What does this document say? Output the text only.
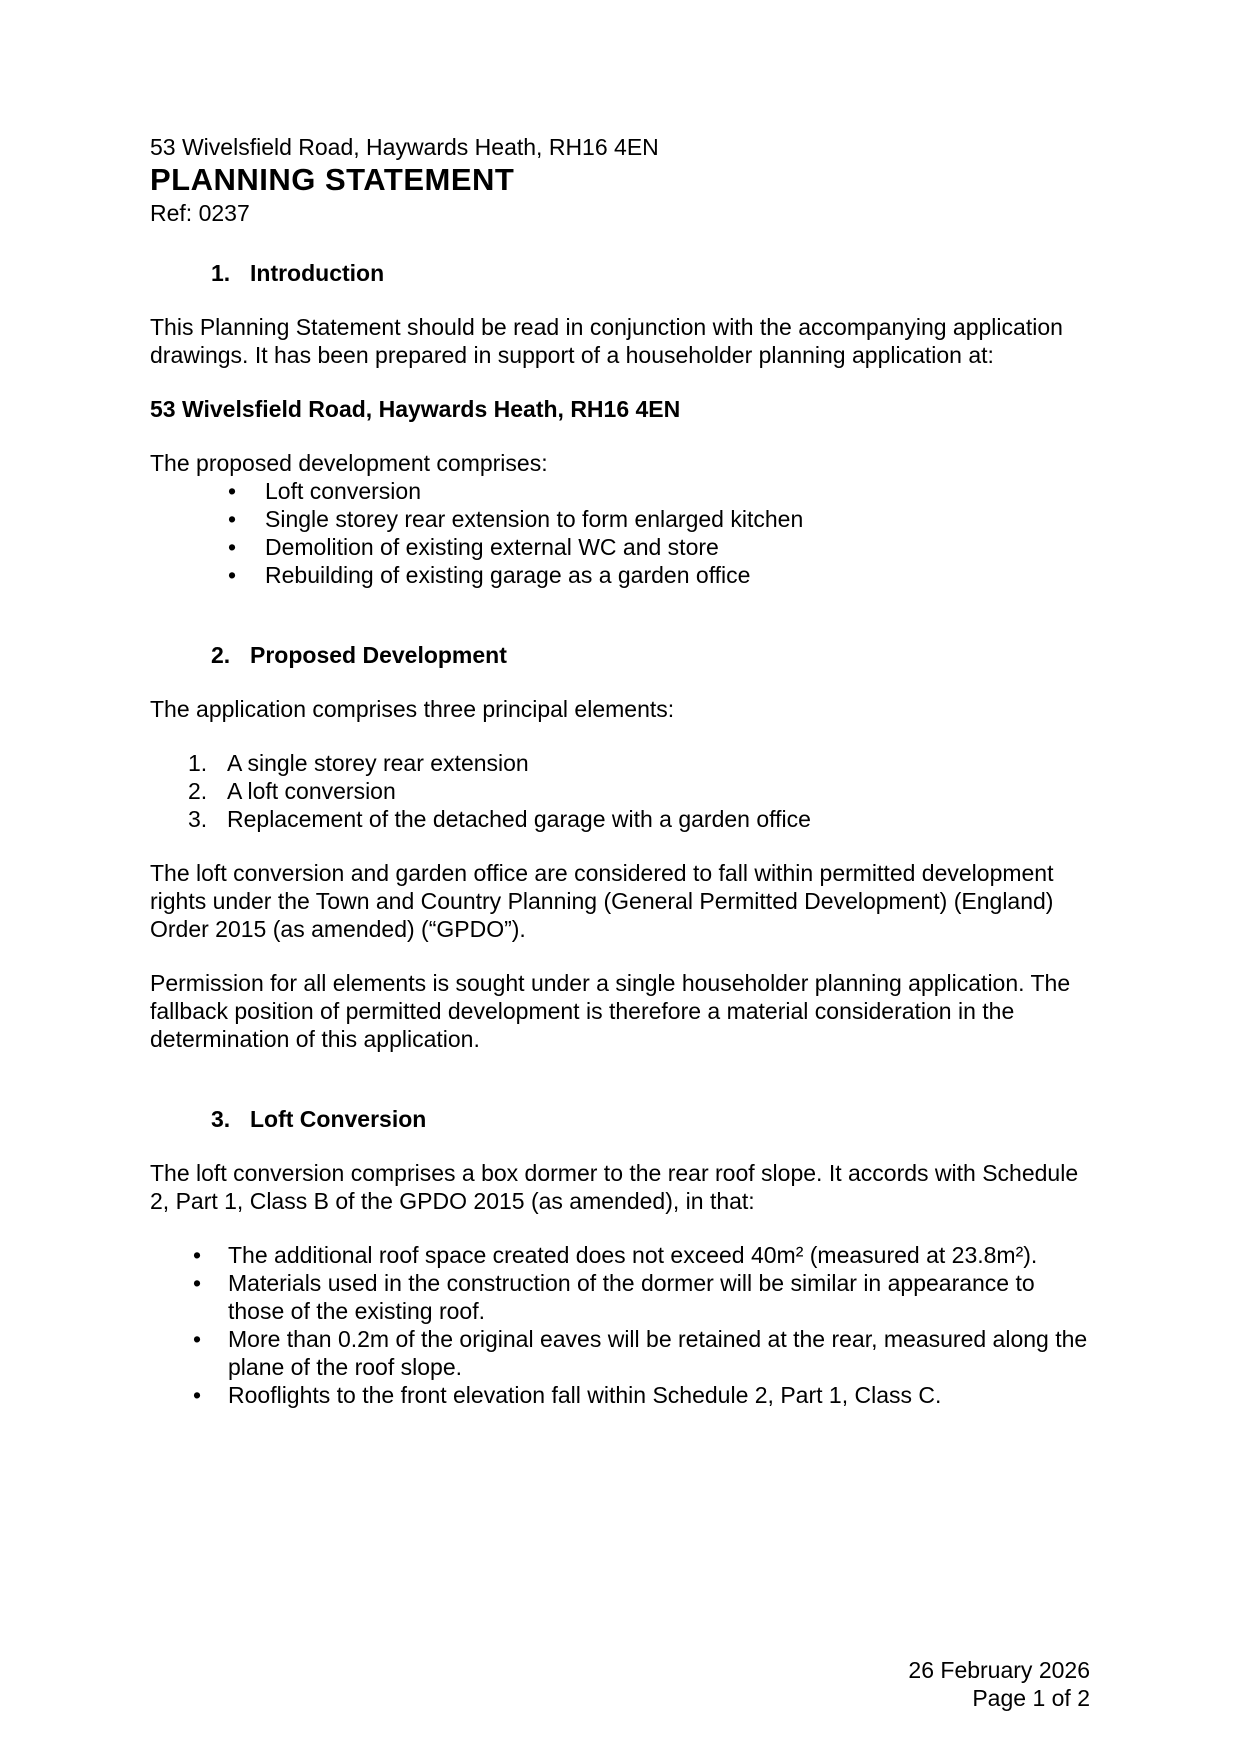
53 Wivelsfield Road, Haywards Heath, RH16 4EN

PLANNING STATEMENT

Ref: 0237

1. Introduction

This Planning Statement should be read in conjunction with the accompanying application drawings. It has been prepared in support of a householder planning application at:

53 Wivelsfield Road, Haywards Heath, RH16 4EN

The proposed development comprises:

•	Loft conversion
•	Single storey rear extension to form enlarged kitchen
•	Demolition of existing external WC and store
•	Rebuilding of existing garage as a garden office
2. Proposed Development

The application comprises three principal elements:

1. A single storey rear extension
2. A loft conversion
3. Replacement of the detached garage with a garden office

The loft conversion and garden office are considered to fall within permitted development rights under the Town and Country Planning (General Permitted Development) (England) Order 2015 (as amended) (“GPDO”).

Permission for all elements is sought under a single householder planning application. The fallback position of permitted development is therefore a material consideration in the determination of this application.

3. Loft Conversion

The loft conversion comprises a box dormer to the rear roof slope. It accords with Schedule 2, Part 1, Class B of the GPDO 2015 (as amended), in that:

•	The additional roof space created does not exceed 40m² (measured at 23.8m²).
•	Materials used in the construction of the dormer will be similar in appearance to those of the existing roof.
•	More than 0.2m of the original eaves will be retained at the rear, measured along the plane of the roof slope.
•	Rooflights to the front elevation fall within Schedule 2, Part 1, Class C.
26 February 2026
Page 1 of 2
